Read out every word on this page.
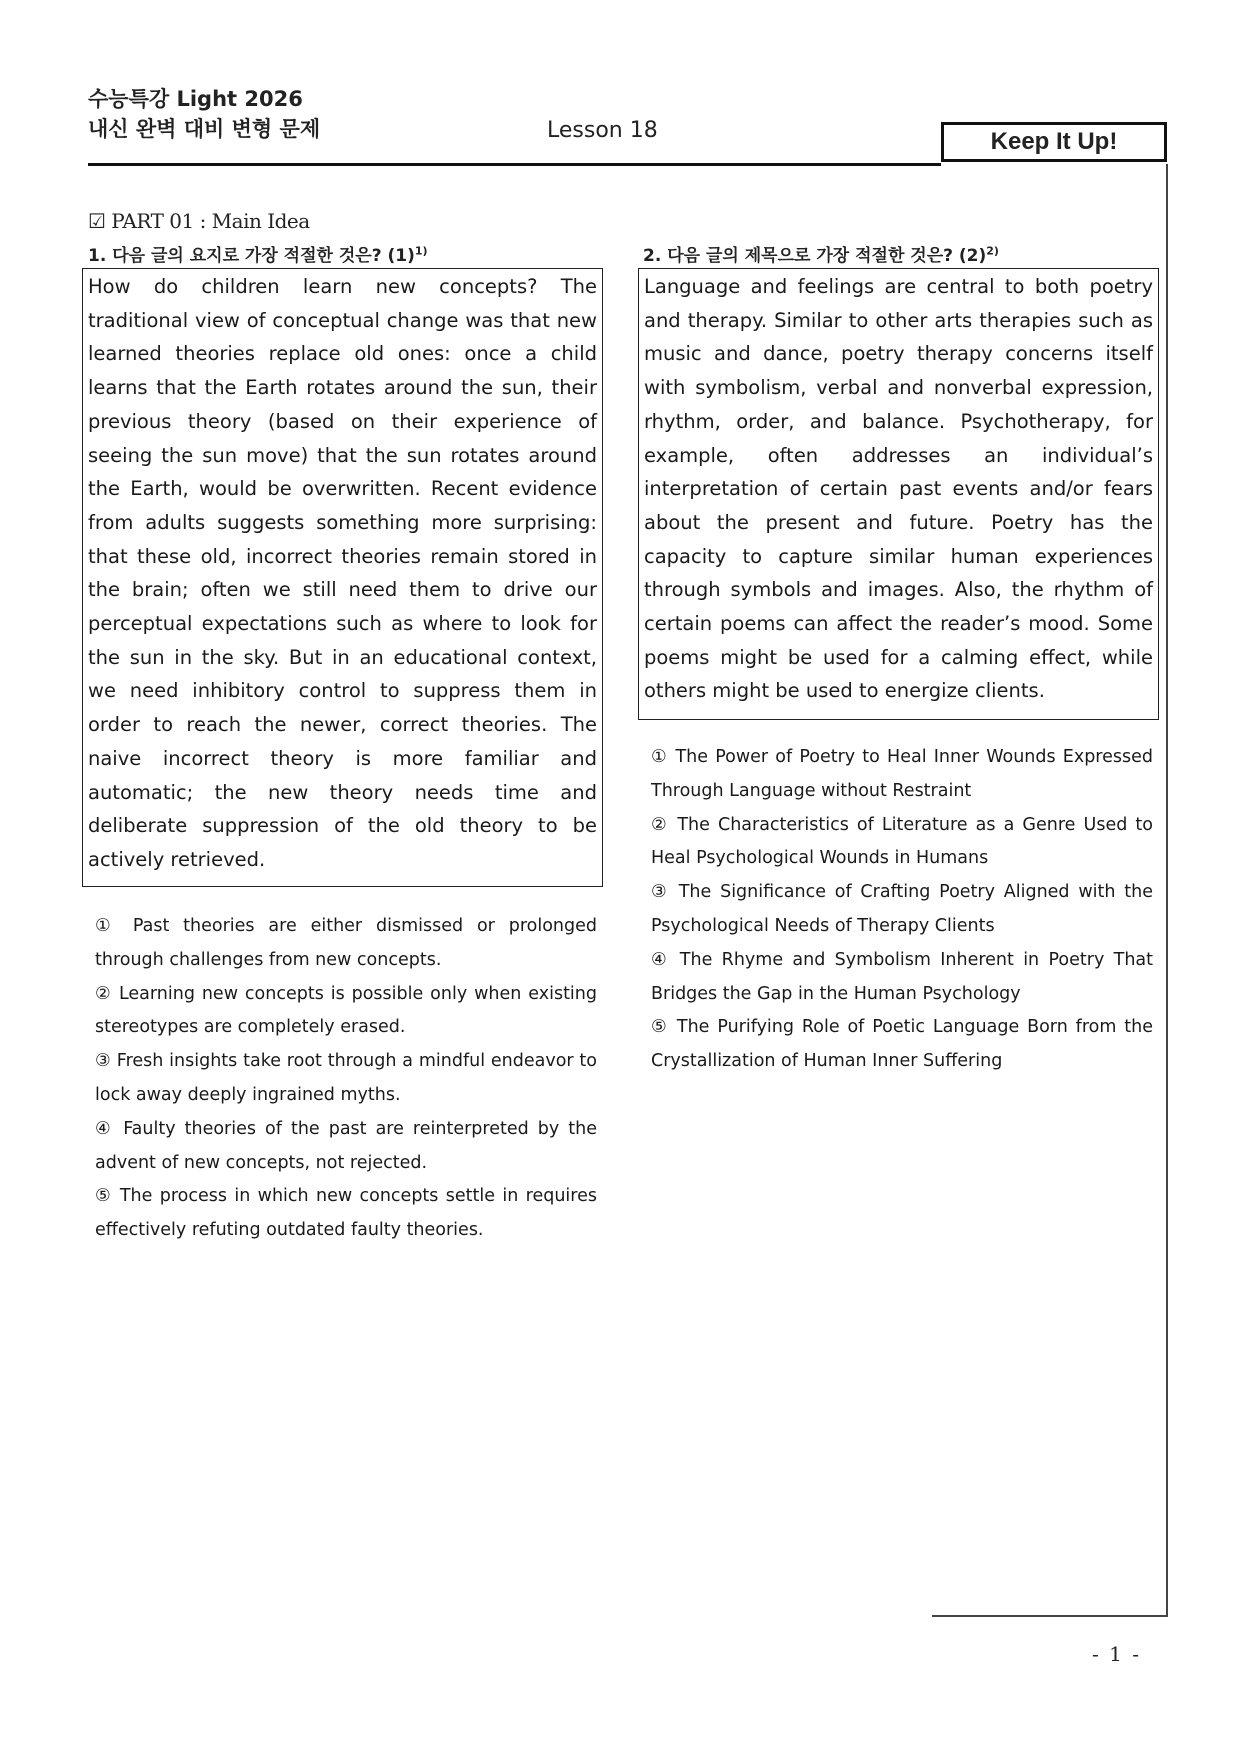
수능특강 Light 2026
내신 완벽 대비 변형 문제	Lesson 18	Keep It Up!
☑ PART 01 : Main Idea
1. 다음 글의 요지로 가장 적절한 것은? $(1)^{1)}$
How do children learn new concepts? The traditional view of conceptual change was that new learned theories replace old ones: once a child learns that the Earth rotates around the sun, their previous theory (based on their experience of seeing the sun move) that the sun rotates around the Earth, would be overwritten. Recent evidence from adults suggests something more surprising: that these old, incorrect theories remain stored in the brain; often we still need them to drive our perceptual expectations such as where to look for the sun in the sky. But in an educational context, we need inhibitory control to suppress them in order to reach the newer, correct theories. The naive incorrect theory is more familiar and automatic; the new theory needs time and deliberate suppression of the old theory to be actively retrieved.

① Past theories are either dismissed or prolonged through challenges from new concepts.

② Learning new concepts is possible only when existing stereotypes are completely erased.

③ Fresh insights take root through a mindful endeavor to lock away deeply ingrained myths.

④ Faulty theories of the past are reinterpreted by the advent of new concepts, not rejected.

⑤ The process in which new concepts settle in requires effectively refuting outdated faulty theories.

2. 다음 글의 제목으로 가장 적절한 것은? $(2)^{2)}$
Language and feelings are central to both poetry and therapy. Similar to other arts therapies such as music and dance, poetry therapy concerns itself with symbolism, verbal and nonverbal expression, rhythm, order, and balance. Psychotherapy, for example, often addresses an individual’s interpretation of certain past events and/or fears about the present and future. Poetry has the capacity to capture similar human experiences through symbols and images. Also, the rhythm of certain poems can affect the reader’s mood. Some poems might be used for a calming effect, while others might be used to energize clients.

① The Power of Poetry to Heal Inner Wounds Expressed Through Language without Restraint

② The Characteristics of Literature as a Genre Used to Heal Psychological Wounds in Humans

③ The Significance of Crafting Poetry Aligned with the Psychological Needs of Therapy Clients

④ The Rhyme and Symbolism Inherent in Poetry That Bridges the Gap in the Human Psychology

⑤ The Purifying Role of Poetic Language Born from the Crystallization of Human Inner Suffering

- 1 -
